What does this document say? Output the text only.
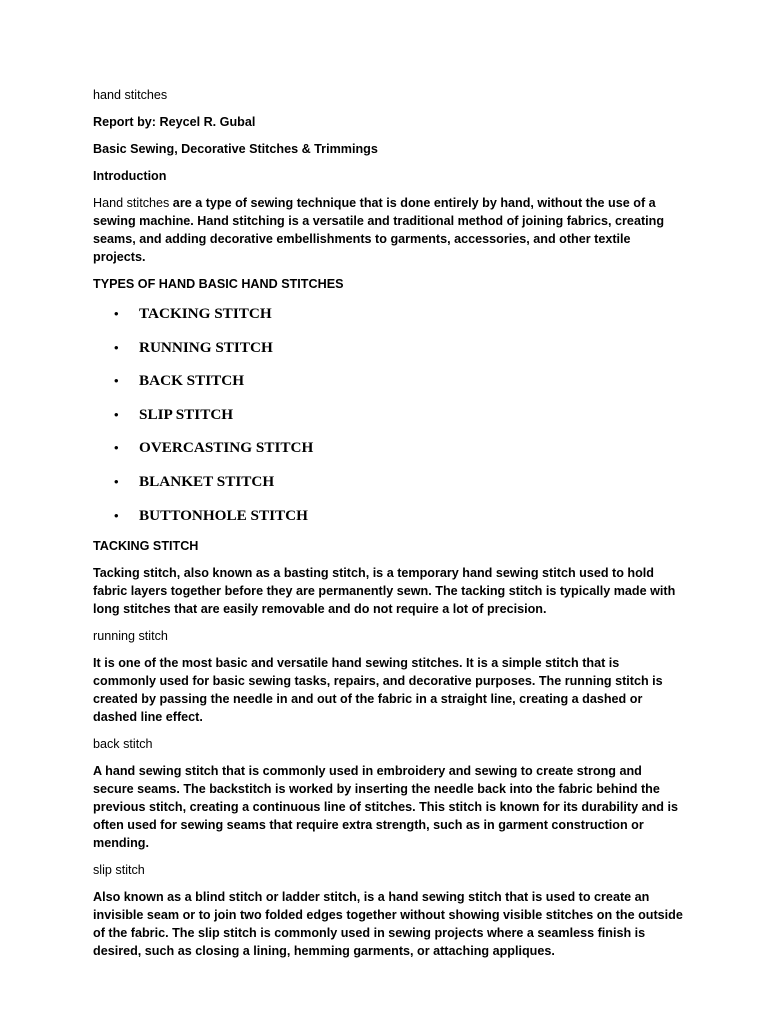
hand stitches

Report by: Reycel R. Gubal

Basic Sewing, Decorative Stitches & Trimmings

Introduction

Hand stitches are a type of sewing technique that is done entirely by hand, without the use of a sewing machine. Hand stitching is a versatile and traditional method of joining fabrics, creating seams, and adding decorative embellishments to garments, accessories, and other textile projects.

TYPES OF HAND BASIC HAND STITCHES

• TACKING STITCH
• RUNNING STITCH
• BACK STITCH
• SLIP STITCH
• OVERCASTING STITCH
• BLANKET STITCH
• BUTTONHOLE STITCH

TACKING STITCH

Tacking stitch, also known as a basting stitch, is a temporary hand sewing stitch used to hold fabric layers together before they are permanently sewn. The tacking stitch is typically made with long stitches that are easily removable and do not require a lot of precision.

running stitch

It is one of the most basic and versatile hand sewing stitches. It is a simple stitch that is commonly used for basic sewing tasks, repairs, and decorative purposes. The running stitch is created by passing the needle in and out of the fabric in a straight line, creating a dashed or dashed line effect.

back stitch

A hand sewing stitch that is commonly used in embroidery and sewing to create strong and secure seams. The backstitch is worked by inserting the needle back into the fabric behind the previous stitch, creating a continuous line of stitches. This stitch is known for its durability and is often used for sewing seams that require extra strength, such as in garment construction or mending.

slip stitch

Also known as a blind stitch or ladder stitch, is a hand sewing stitch that is used to create an invisible seam or to join two folded edges together without showing visible stitches on the outside of the fabric. The slip stitch is commonly used in sewing projects where a seamless finish is desired, such as closing a lining, hemming garments, or attaching appliques.
